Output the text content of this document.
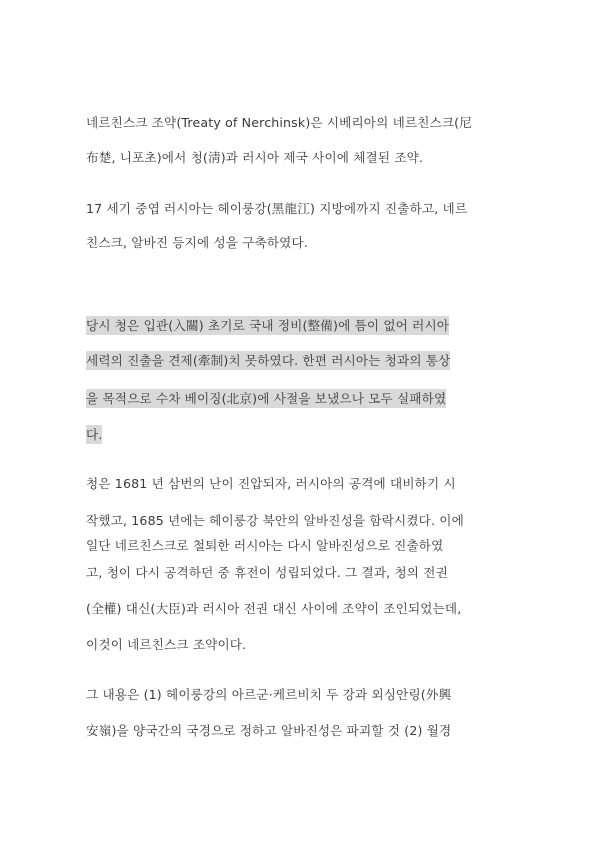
네르친스크 조약(Treaty of Nerchinsk)은 시베리아의 네르친스크(尼
布楚, 니포초)에서 청(淸)과 러시아 제국 사이에 체결된 조약.
17 세기 중엽 러시아는 헤이룽강(黑龍江) 지방에까지 진출하고, 네르
친스크, 알바진 등지에 성을 구축하였다.
당시 청은 입관(入關) 초기로 국내 정비(整備)에 틈이 없어 러시아
세력의 진출을 견제(牽制)치 못하였다. 한편 러시아는 청과의 통상
을 목적으로 수차 베이징(北京)에 사절을 보냈으나 모두 실패하였
다.
청은 1681 년 삼번의 난이 진압되자, 러시아의 공격에 대비하기 시
작했고, 1685 년에는 헤이룽강 북안의 알바진성을 함락시켰다. 이에
일단 네르친스크로 철퇴한 러시아는 다시 알바진성으로 진출하였
고, 청이 다시 공격하던 중 휴전이 성립되었다. 그 결과, 청의 전권
(全權) 대신(大臣)과 러시아 전권 대신 사이에 조약이 조인되었는데,
이것이 네르친스크 조약이다.
그 내용은 (1) 헤이룽강의 아르군·케르비치 두 강과 외싱안링(外興
安嶺)을 양국간의 국경으로 정하고 알바진성은 파괴할 것 (2) 월경
